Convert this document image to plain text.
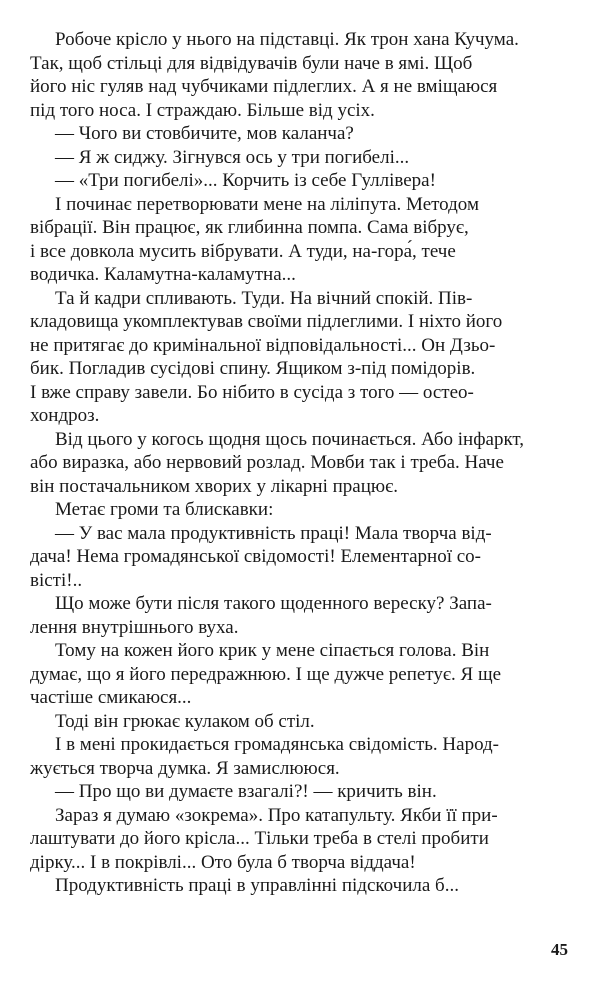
Робоче крісло у нього на підставці. Як трон хана Кучума.
Так, щоб стільці для відвідувачів були наче в ямі. Щоб
його ніс гуляв над чубчиками підлеглих. А я не вміщаюся
під того носа. І страждаю. Більше від усіх.
— Чого ви стовбичите, мов каланча?
— Я ж сиджу. Зігнувся ось у три погибелі...
— «Три погибелі»... Корчить із себе Гуллівера!
І починає перетворювати мене на ліліпута. Методом
вібрації. Він працює, як глибинна помпа. Сама вібрує,
і все довкола мусить вібрувати. А туди, на-гора́, тече
водичка. Каламутна-каламутна...
Та й кадри спливають. Туди. На вічний спокій. Пів-
кладовища укомплектував своїми підлеглими. І ніхто його
не притягає до кримінальної відповідальності... Он Дзьо-
бик. Погладив сусідові спину. Ящиком з-під помідорів.
І вже справу завели. Бо нібито в сусіда з того — остео-
хондроз.
Від цього у когось щодня щось починається. Або інфаркт,
або виразка, або нервовий розлад. Мовби так і треба. Наче
він постачальником хворих у лікарні працює.
Метає громи та блискавки:
— У вас мала продуктивність праці! Мала творча від-
дача! Нема громадянської свідомості! Елементарної со-
вісті!..
Що може бути після такого щоденного вереску? Запа-
лення внутрішнього вуха.
Тому на кожен його крик у мене сіпається голова. Він
думає, що я його передражнюю. І ще дужче репетує. Я ще
частіше смикаюся...
Тоді він грюкає кулаком об стіл.
І в мені прокидається громадянська свідомість. Народ-
жується творча думка. Я замислююся.
— Про що ви думаєте взагалі?! — кричить він.
Зараз я думаю «зокрема». Про катапульту. Якби її при-
лаштувати до його крісла... Тільки треба в стелі пробити
дірку... І в покрівлі... Ото була б творча віддача!
Продуктивність праці в управлінні підскочила б...
45
